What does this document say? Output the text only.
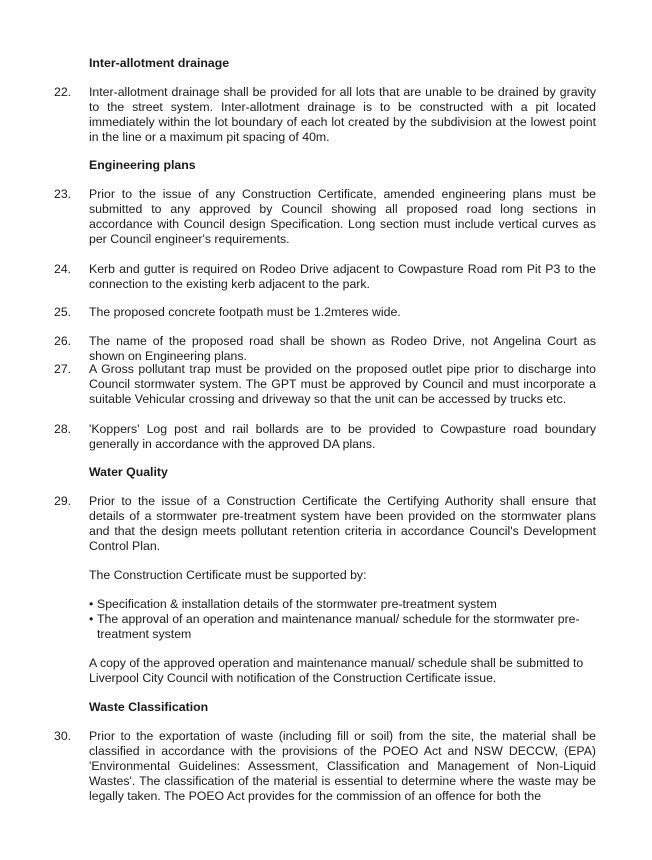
Inter-allotment drainage
22. Inter-allotment drainage shall be provided for all lots that are unable to be drained by gravity to the street system. Inter-allotment drainage is to be constructed with a pit located immediately within the lot boundary of each lot created by the subdivision at the lowest point in the line or a maximum pit spacing of 40m.
Engineering plans
23. Prior to the issue of any Construction Certificate, amended engineering plans must be submitted to any approved by Council showing all proposed road long sections in accordance with Council design Specification. Long section must include vertical curves as per Council engineer's requirements.
24. Kerb and gutter is required on Rodeo Drive adjacent to Cowpasture Road rom Pit P3 to the connection to the existing kerb adjacent to the park.
25. The proposed concrete footpath must be 1.2mteres wide.
26. The name of the proposed road shall be shown as Rodeo Drive, not Angelina Court as shown on Engineering plans.
27. A Gross pollutant trap must be provided on the proposed outlet pipe prior to discharge into Council stormwater system. The GPT must be approved by Council and must incorporate a suitable Vehicular crossing and driveway so that the unit can be accessed by trucks etc.
28. 'Koppers' Log post and rail bollards are to be provided to Cowpasture road boundary generally in accordance with the approved DA plans.
Water Quality
29. Prior to the issue of a Construction Certificate the Certifying Authority shall ensure that details of a stormwater pre-treatment system have been provided on the stormwater plans and that the design meets pollutant retention criteria in accordance Council's Development Control Plan.
The Construction Certificate must be supported by:
• Specification & installation details of the stormwater pre-treatment system
• The approval of an operation and maintenance manual/ schedule for the stormwater pre-treatment system
A copy of the approved operation and maintenance manual/ schedule shall be submitted to Liverpool City Council with notification of the Construction Certificate issue.
Waste Classification
30. Prior to the exportation of waste (including fill or soil) from the site, the material shall be classified in accordance with the provisions of the POEO Act and NSW DECCW, (EPA) 'Environmental Guidelines: Assessment, Classification and Management of Non-Liquid Wastes'. The classification of the material is essential to determine where the waste may be legally taken. The POEO Act provides for the commission of an offence for both the
